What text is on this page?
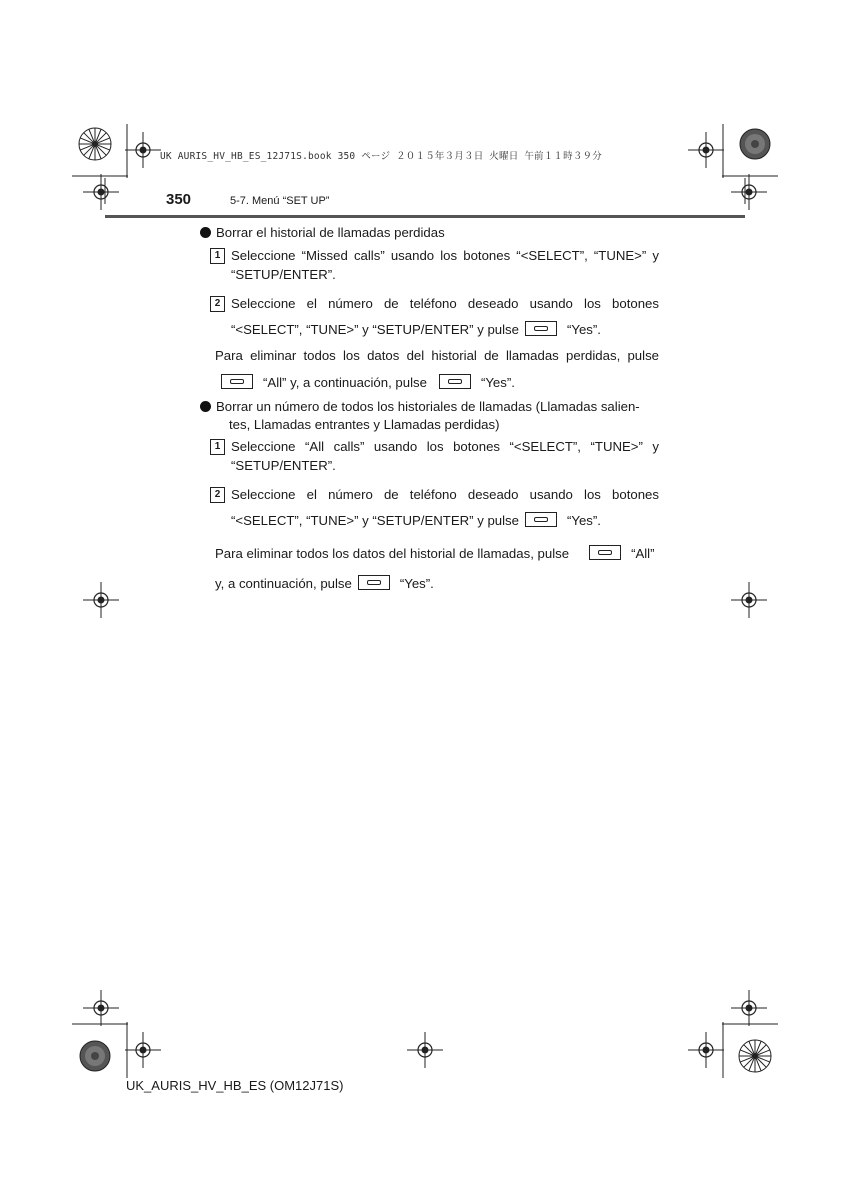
UK AURIS_HV_HB_ES_12J71S.book 350 ページ ２０１５年３月３日 火曜日 午前１１時３９分
350	5-7. Menú “SET UP”
Borrar el historial de llamadas perdidas
1 Seleccione “Missed calls” usando los botones “<SELECT”, “TUNE>” y “SETUP/ENTER”.
2 Seleccione el número de teléfono deseado usando los botones
“<SELECT”, “TUNE>” y “SETUP/ENTER” y pulse	“Yes”.
Para eliminar todos los datos del historial de llamadas perdidas, pulse
“All” y, a continuación, pulse	“Yes”.
Borrar un número de todos los historiales de llamadas (Llamadas salien-
tes, Llamadas entrantes y Llamadas perdidas)
1 Seleccione “All calls” usando los botones “<SELECT”, “TUNE>” y “SETUP/ENTER”.
2 Seleccione el número de teléfono deseado usando los botones
“<SELECT”, “TUNE>” y “SETUP/ENTER” y pulse	“Yes”.
Para eliminar todos los datos del historial de llamadas, pulse	“All”
y, a continuación, pulse	“Yes”.
UK_AURIS_HV_HB_ES (OM12J71S)
